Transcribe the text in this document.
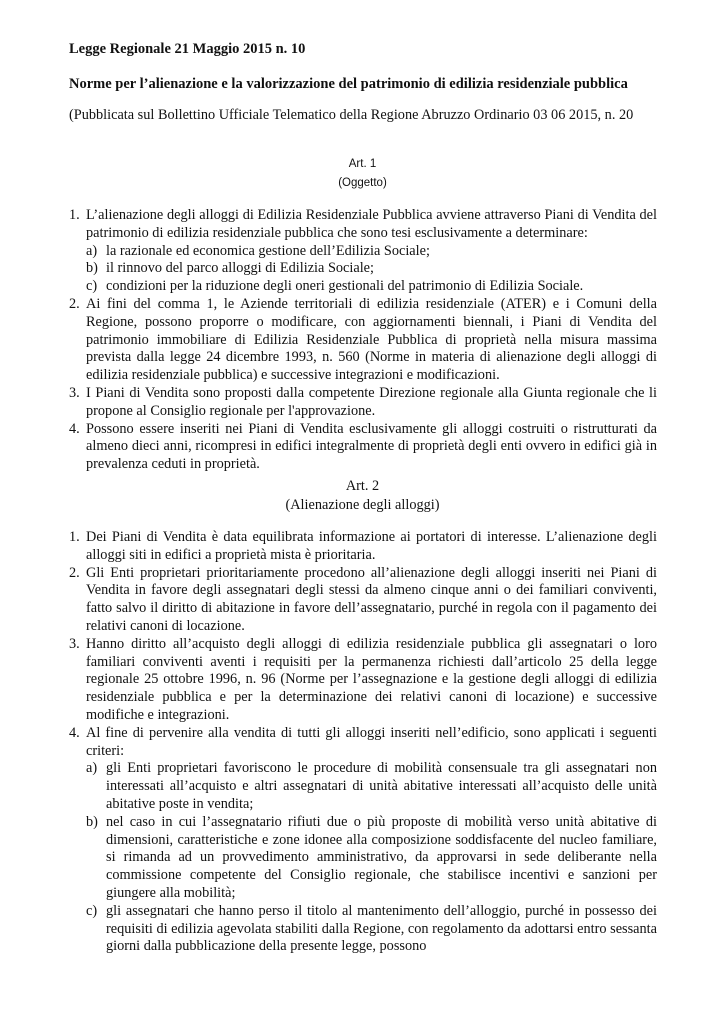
Legge Regionale 21 Maggio 2015 n. 10
Norme per l’alienazione e la valorizzazione del patrimonio di edilizia residenziale pubblica
(Pubblicata sul Bollettino Ufficiale Telematico della Regione Abruzzo Ordinario 03 06 2015, n. 20
Art. 1
(Oggetto)
1. L’alienazione degli alloggi di Edilizia Residenziale Pubblica avviene attraverso Piani di Vendita del patrimonio di edilizia residenziale pubblica che sono tesi esclusivamente a determinare:
a) la razionale ed economica gestione dell’Edilizia Sociale;
b) il rinnovo del parco alloggi di Edilizia Sociale;
c) condizioni per la riduzione degli oneri gestionali del patrimonio di Edilizia Sociale.
2. Ai fini del comma 1, le Aziende territoriali di edilizia residenziale (ATER) e i Comuni della Regione, possono proporre o modificare, con aggiornamenti biennali, i Piani di Vendita del patrimonio immobiliare di Edilizia Residenziale Pubblica di proprietà nella misura massima prevista dalla legge 24 dicembre 1993, n. 560 (Norme in materia di alienazione degli alloggi di edilizia residenziale pubblica) e successive integrazioni e modificazioni.
3. I Piani di Vendita sono proposti dalla competente Direzione regionale alla Giunta regionale che li propone al Consiglio regionale per l'approvazione.
4. Possono essere inseriti nei Piani di Vendita esclusivamente gli alloggi costruiti o ristrutturati da almeno dieci anni, ricompresi in edifici integralmente di proprietà degli enti ovvero in edifici già in prevalenza ceduti in proprietà.
Art. 2
(Alienazione degli alloggi)
1. Dei Piani di Vendita è data equilibrata informazione ai portatori di interesse. L’alienazione degli alloggi siti in edifici a proprietà mista è prioritaria.
2. Gli Enti proprietari prioritariamente procedono all’alienazione degli alloggi inseriti nei Piani di Vendita in favore degli assegnatari degli stessi da almeno cinque anni o dei familiari conviventi, fatto salvo il diritto di abitazione in favore dell’assegnatario, purché in regola con il pagamento dei relativi canoni di locazione.
3. Hanno diritto all’acquisto degli alloggi di edilizia residenziale pubblica gli assegnatari o loro familiari conviventi aventi i requisiti per la permanenza richiesti dall’articolo 25 della legge regionale 25 ottobre 1996, n. 96 (Norme per l’assegnazione e la gestione degli alloggi di edilizia residenziale pubblica e per la determinazione dei relativi canoni di locazione) e successive modifiche e integrazioni.
4. Al fine di pervenire alla vendita di tutti gli alloggi inseriti nell’edificio, sono applicati i seguenti criteri:
a) gli Enti proprietari favoriscono le procedure di mobilità consensuale tra gli assegnatari non interessati all’acquisto e altri assegnatari di unità abitative interessati all’acquisto delle unità abitative poste in vendita;
b) nel caso in cui l’assegnatario rifiuti due o più proposte di mobilità verso unità abitative di dimensioni, caratteristiche e zone idonee alla composizione soddisfacente del nucleo familiare, si rimanda ad un provvedimento amministrativo, da approvarsi in sede deliberante nella commissione competente del Consiglio regionale, che stabilisce incentivi e sanzioni per giungere alla mobilità;
c) gli assegnatari che hanno perso il titolo al mantenimento dell’alloggio, purché in possesso dei requisiti di edilizia agevolata stabiliti dalla Regione, con regolamento da adottarsi entro sessanta giorni dalla pubblicazione della presente legge, possono
